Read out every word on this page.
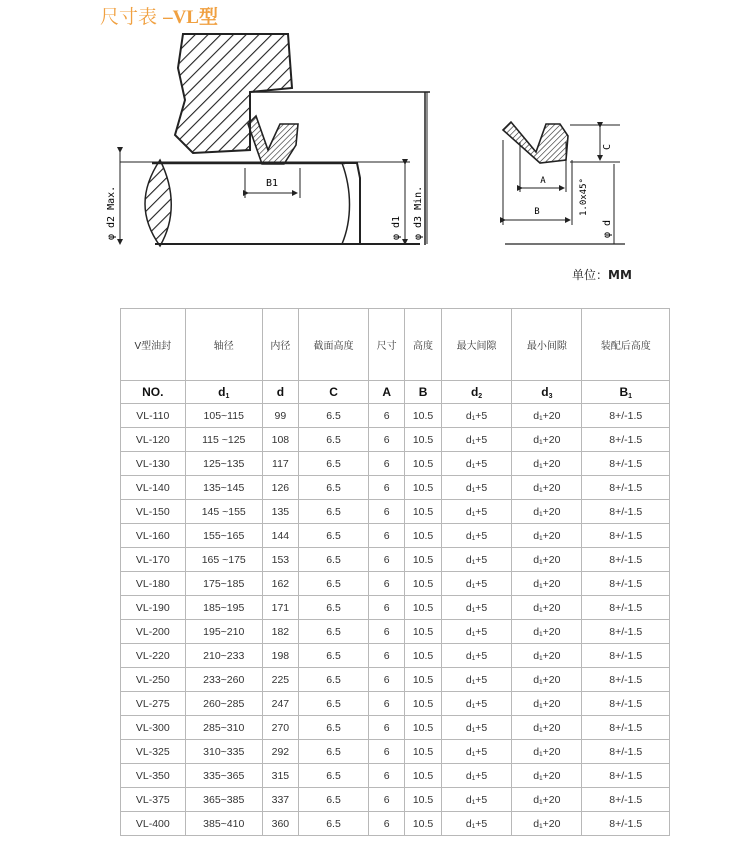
尺寸表 –VL型
B1
φ d2 Max.	φ d1 φ d3 Min.
A
B
C
1.0x45°
φ d
单位：MM
V型油封	轴径	内径	截面高度	尺寸	高度	最大间隙	最小间隙	装配后高度
NO.	$d_1$	d	C	A	B	$d_2$	$d_3$	$B_1$
VL-110	105~115	99	6.5	6	10.5	d₁+5	d₁+20	8+/-1.5
VL-120	115 ~125	108	6.5	6	10.5	d₁+5	d₁+20	8+/-1.5
VL-130	125~135	117	6.5	6	10.5	d₁+5	d₁+20	8+/-1.5
VL-140	135~145	126	6.5	6	10.5	d₁+5	d₁+20	8+/-1.5
VL-150	145 ~155	135	6.5	6	10.5	d₁+5	d₁+20	8+/-1.5
VL-160	155~165	144	6.5	6	10.5	d₁+5	d₁+20	8+/-1.5
VL-170	165 ~175	153	6.5	6	10.5	d₁+5	d₁+20	8+/-1.5
VL-180	175~185	162	6.5	6	10.5	d₁+5	d₁+20	8+/-1.5
VL-190	185~195	171	6.5	6	10.5	d₁+5	d₁+20	8+/-1.5
VL-200	195~210	182	6.5	6	10.5	d₁+5	d₁+20	8+/-1.5
VL-220	210~233	198	6.5	6	10.5	d₁+5	d₁+20	8+/-1.5
VL-250	233~260	225	6.5	6	10.5	d₁+5	d₁+20	8+/-1.5
VL-275	260~285	247	6.5	6	10.5	d₁+5	d₁+20	8+/-1.5
VL-300	285~310	270	6.5	6	10.5	d₁+5	d₁+20	8+/-1.5
VL-325	310~335	292	6.5	6	10.5	d₁+5	d₁+20	8+/-1.5
VL-350	335~365	315	6.5	6	10.5	d₁+5	d₁+20	8+/-1.5
VL-375	365~385	337	6.5	6	10.5	d₁+5	d₁+20	8+/-1.5
VL-400	385~410	360	6.5	6	10.5	d₁+5	d₁+20	8+/-1.5
